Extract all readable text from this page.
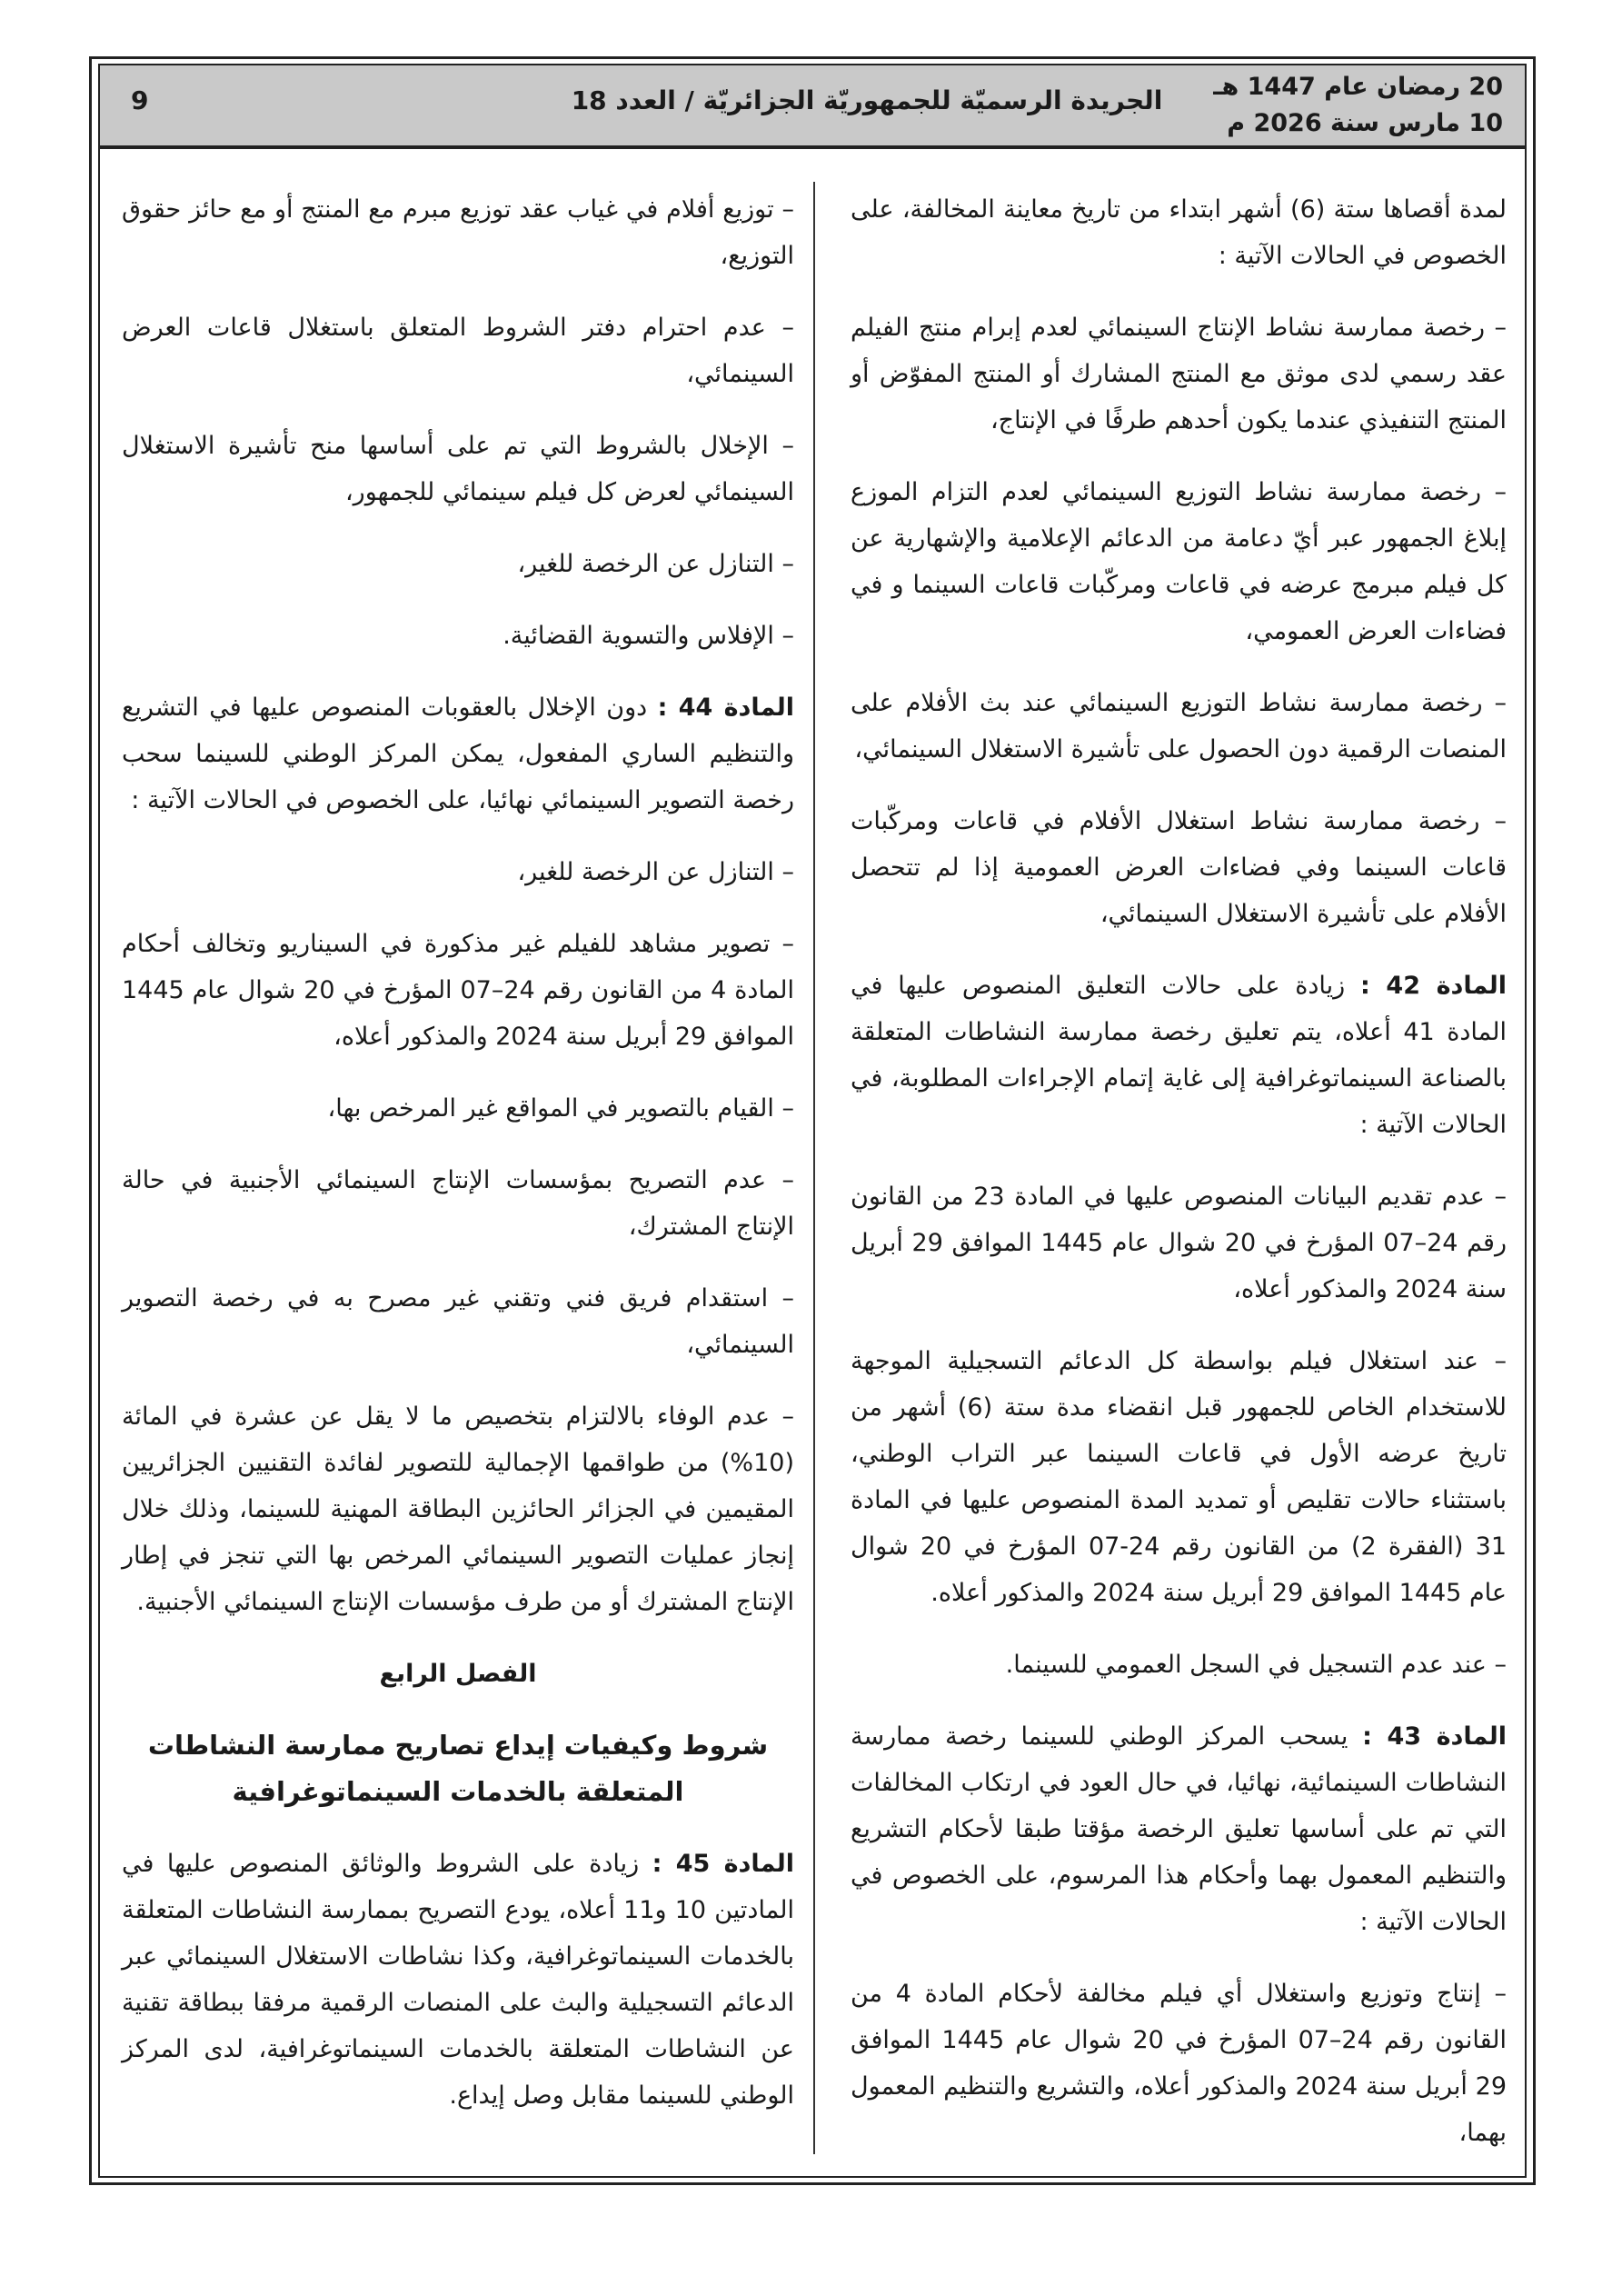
20 رمضان عام 1447 هـ
10 مارس سنة 2026 م
الجريدة الرسميّة للجمهوريّة الجزائريّة / العدد 18
9

لمدة أقصاها ستة (6) أشهر ابتداء من تاريخ معاينة المخالفة، على الخصوص في الحالات الآتية :

– رخصة ممارسة نشاط الإنتاج السينمائي لعدم إبرام منتج الفيلم عقد رسمي لدى موثق مع المنتج المشارك أو المنتج المفوّض أو المنتج التنفيذي عندما يكون أحدهم طرفًا في الإنتاج،

– رخصة ممارسة نشاط التوزيع السينمائي لعدم التزام الموزع إبلاغ الجمهور عبر أيّ دعامة من الدعائم الإعلامية والإشهارية عن كل فيلم مبرمج عرضه في قاعات ومركّبات قاعات السينما و في فضاءات العرض العمومي،

– رخصة ممارسة نشاط التوزيع السينمائي عند بث الأفلام على المنصات الرقمية دون الحصول على تأشيرة الاستغلال السينمائي،

– رخصة ممارسة نشاط استغلال الأفلام في قاعات ومركّبات قاعات السينما وفي فضاءات العرض العمومية إذا لم تتحصل الأفلام على تأشيرة الاستغلال السينمائي،

المادة 42 : زيادة على حالات التعليق المنصوص عليها في المادة 41 أعلاه، يتم تعليق رخصة ممارسة النشاطات المتعلقة بالصناعة السينماتوغرافية إلى غاية إتمام الإجراءات المطلوبة، في الحالات الآتية :

– عدم تقديم البيانات المنصوص عليها في المادة 23 من القانون رقم 24–07 المؤرخ في 20 شوال عام 1445 الموافق 29 أبريل سنة 2024 والمذكور أعلاه،

– عند استغلال فيلم بواسطة كل الدعائم التسجيلية الموجهة للاستخدام الخاص للجمهور قبل انقضاء مدة ستة (6) أشهر من تاريخ عرضه الأول في قاعات السينما عبر التراب الوطني، باستثناء حالات تقليص أو تمديد المدة المنصوص عليها في المادة 31 (الفقرة 2) من القانون رقم 24-07 المؤرخ في 20 شوال عام 1445 الموافق 29 أبريل سنة 2024 والمذكور أعلاه.

– عند عدم التسجيل في السجل العمومي للسينما.

المادة 43 : يسحب المركز الوطني للسينما رخصة ممارسة النشاطات السينمائية، نهائيا، في حال العود في ارتكاب المخالفات التي تم على أساسها تعليق الرخصة مؤقتا طبقا لأحكام التشريع والتنظيم المعمول بهما وأحكام هذا المرسوم، على الخصوص في الحالات الآتية :

– إنتاج وتوزيع واستغلال أي فيلم مخالفة لأحكام المادة 4 من القانون رقم 24–07 المؤرخ في 20 شوال عام 1445 الموافق 29 أبريل سنة 2024 والمذكور أعلاه، والتشريع والتنظيم المعمول بهما،

– توزيع أفلام في غياب عقد توزيع مبرم مع المنتج أو مع حائز حقوق التوزيع،

– عدم احترام دفتر الشروط المتعلق باستغلال قاعات العرض السينمائي،

– الإخلال بالشروط التي تم على أساسها منح تأشيرة الاستغلال السينمائي لعرض كل فيلم سينمائي للجمهور،

– التنازل عن الرخصة للغير،

– الإفلاس والتسوية القضائية.

المادة 44 : دون الإخلال بالعقوبات المنصوص عليها في التشريع والتنظيم الساري المفعول، يمكن المركز الوطني للسينما سحب رخصة التصوير السينمائي نهائيا، على الخصوص في الحالات الآتية :

– التنازل عن الرخصة للغير،

– تصوير مشاهد للفيلم غير مذكورة في السيناريو وتخالف أحكام المادة 4 من القانون رقم 24–07 المؤرخ في 20 شوال عام 1445 الموافق 29 أبريل سنة 2024 والمذكور أعلاه،

– القيام بالتصوير في المواقع غير المرخص بها،

– عدم التصريح بمؤسسات الإنتاج السينمائي الأجنبية في حالة الإنتاج المشترك،

– استقدام فريق فني وتقني غير مصرح به في رخصة التصوير السينمائي،

– عدم الوفاء بالالتزام بتخصيص ما لا يقل عن عشرة في المائة (10%) من طواقمها الإجمالية للتصوير لفائدة التقنيين الجزائريين المقيمين في الجزائر الحائزين البطاقة المهنية للسينما، وذلك خلال إنجاز عمليات التصوير السينمائي المرخص بها التي تنجز في إطار الإنتاج المشترك أو من طرف مؤسسات الإنتاج السينمائي الأجنبية.

الفصل الرابع

شروط وكيفيات إيداع تصاريح ممارسة النشاطات المتعلقة بالخدمات السينماتوغرافية

المادة 45 : زيادة على الشروط والوثائق المنصوص عليها في المادتين 10 و11 أعلاه، يودع التصريح بممارسة النشاطات المتعلقة بالخدمات السينماتوغرافية، وكذا نشاطات الاستغلال السينمائي عبر الدعائم التسجيلية والبث على المنصات الرقمية مرفقا ببطاقة تقنية عن النشاطات المتعلقة بالخدمات السينماتوغرافية، لدى المركز الوطني للسينما مقابل وصل إيداع.
